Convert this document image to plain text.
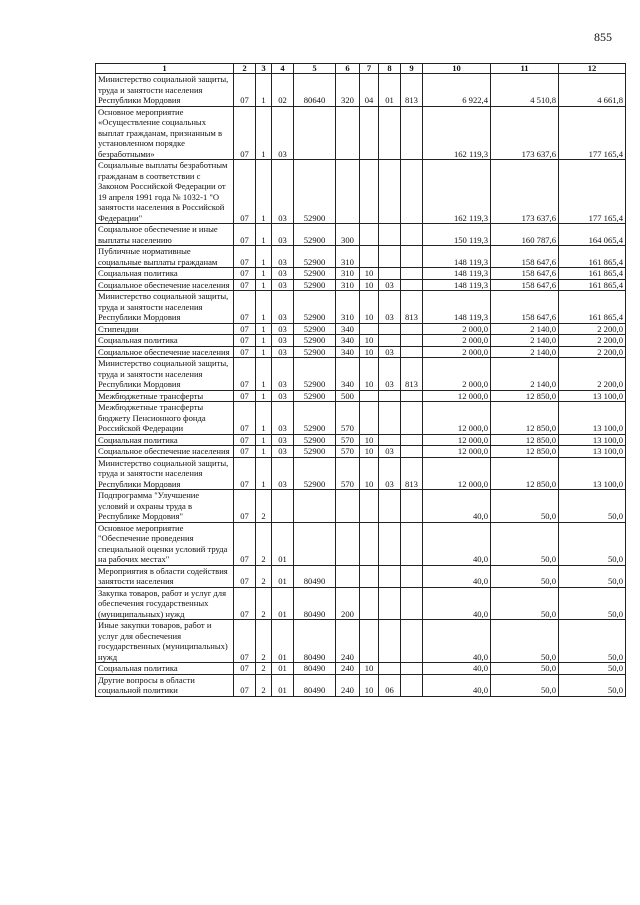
855
1	2	3	4	5	6	7	8	9	10	11	12
Министерство социальной защиты, труда и занятости населения Республики Мордовия	07	1	02	80640	320	04	01	813	6 922,4	4 510,8	4 661,8
Основное мероприятие «Осуществление социальных выплат гражданам, признанным в установленном порядке безработными»	07	1	03						162 119,3	173 637,6	177 165,4
Социальные выплаты безработным гражданам в соответствии с Законом Российской Федерации от 19 апреля 1991 года № 1032-1 "О занятости населения в Российской Федерации"	07	1	03	52900					162 119,3	173 637,6	177 165,4
Социальное обеспечение и иные выплаты населению	07	1	03	52900	300				150 119,3	160 787,6	164 065,4
Публичные нормативные социальные выплаты гражданам	07	1	03	52900	310				148 119,3	158 647,6	161 865,4
Социальная политика	07	1	03	52900	310	10			148 119,3	158 647,6	161 865,4
Социальное обеспечение населения	07	1	03	52900	310	10	03		148 119,3	158 647,6	161 865,4
Министерство социальной защиты, труда и занятости населения Республики Мордовия	07	1	03	52900	310	10	03	813	148 119,3	158 647,6	161 865,4
Стипендии	07	1	03	52900	340				2 000,0	2 140,0	2 200,0
Социальная политика	07	1	03	52900	340	10			2 000,0	2 140,0	2 200,0
Социальное обеспечение населения	07	1	03	52900	340	10	03		2 000,0	2 140,0	2 200,0
Министерство социальной защиты, труда и занятости населения Республики Мордовия	07	1	03	52900	340	10	03	813	2 000,0	2 140,0	2 200,0
Межбюджетные трансферты	07	1	03	52900	500				12 000,0	12 850,0	13 100,0
Межбюджетные трансферты бюджету Пенсионного фонда Российской Федерации	07	1	03	52900	570				12 000,0	12 850,0	13 100,0
Социальная политика	07	1	03	52900	570	10			12 000,0	12 850,0	13 100,0
Социальное обеспечение населения	07	1	03	52900	570	10	03		12 000,0	12 850,0	13 100,0
Министерство социальной защиты, труда и занятости населения Республики Мордовия	07	1	03	52900	570	10	03	813	12 000,0	12 850,0	13 100,0
Подпрограмма "Улучшение условий и охраны труда в Республике Мордовия"	07	2							40,0	50,0	50,0
Основное мероприятие "Обеспечение проведения специальной оценки условий труда на рабочих местах"	07	2	01						40,0	50,0	50,0
Мероприятия в области содействия занятости населения	07	2	01	80490					40,0	50,0	50,0
Закупка товаров, работ и услуг для обеспечения государственных (муниципальных) нужд	07	2	01	80490	200				40,0	50,0	50,0
Иные закупки товаров, работ и услуг для обеспечения государственных (муниципальных) нужд	07	2	01	80490	240				40,0	50,0	50,0
Социальная политика	07	2	01	80490	240	10			40,0	50,0	50,0
Другие вопросы в области социальной политики	07	2	01	80490	240	10	06		40,0	50,0	50,0
